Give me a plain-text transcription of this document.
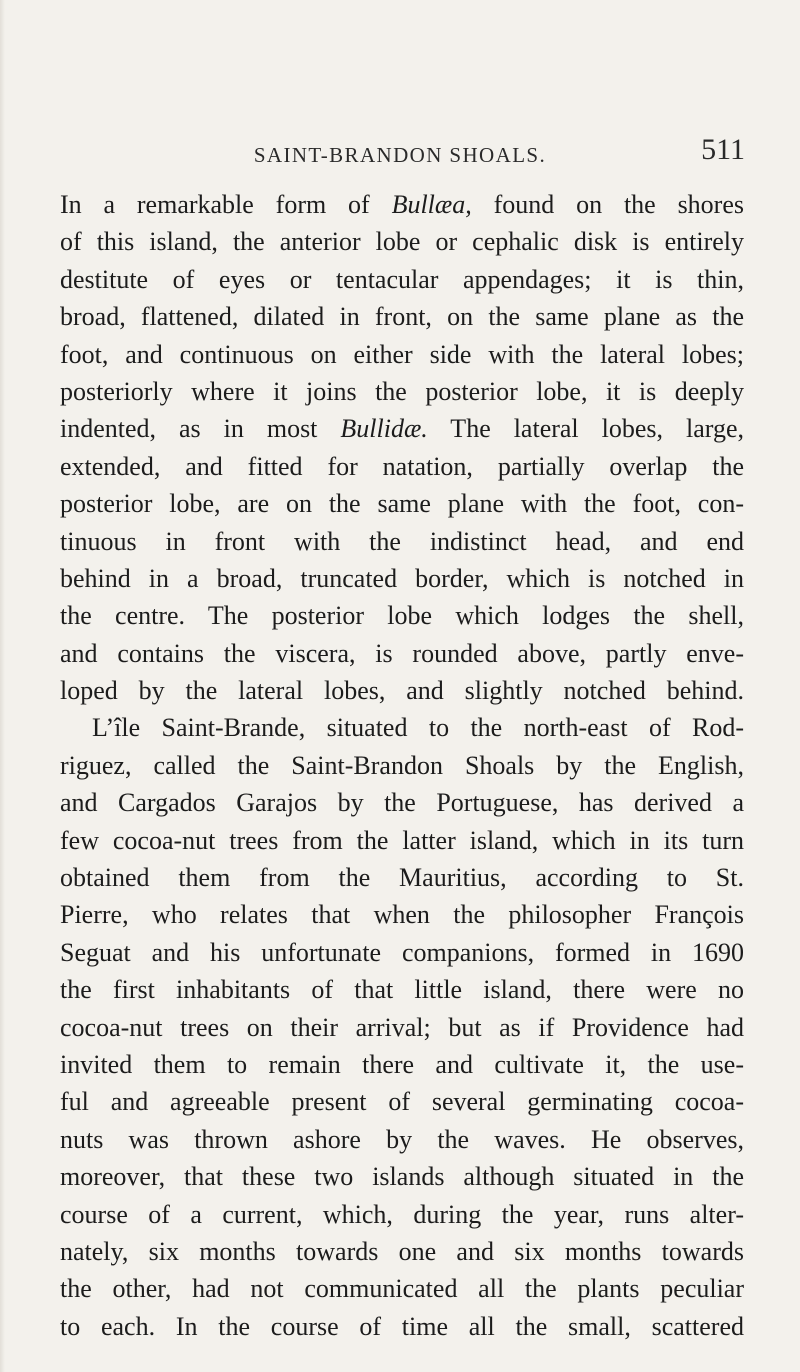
SAINT-BRANDON SHOALS.	511
In a remarkable form of Bullæa, found on the shores
of this island, the anterior lobe or cephalic disk is entirely
destitute of eyes or tentacular appendages; it is thin,
broad, flattened, dilated in front, on the same plane as the
foot, and continuous on either side with the lateral lobes;
posteriorly where it joins the posterior lobe, it is deeply
indented, as in most Bullidæ. The lateral lobes, large,
extended, and fitted for natation, partially overlap the
posterior lobe, are on the same plane with the foot, con-
tinuous in front with the indistinct head, and end
behind in a broad, truncated border, which is notched in
the centre. The posterior lobe which lodges the shell,
and contains the viscera, is rounded above, partly enve-
loped by the lateral lobes, and slightly notched behind.
L’île Saint-Brande, situated to the north-east of Rod-
riguez, called the Saint-Brandon Shoals by the English,
and Cargados Garajos by the Portuguese, has derived a
few cocoa-nut trees from the latter island, which in its turn
obtained them from the Mauritius, according to St.
Pierre, who relates that when the philosopher François
Seguat and his unfortunate companions, formed in 1690
the first inhabitants of that little island, there were no
cocoa-nut trees on their arrival; but as if Providence had
invited them to remain there and cultivate it, the use-
ful and agreeable present of several germinating cocoa-
nuts was thrown ashore by the waves. He observes,
moreover, that these two islands although situated in the
course of a current, which, during the year, runs alter-
nately, six months towards one and six months towards
the other, had not communicated all the plants peculiar
to each. In the course of time all the small, scattered
